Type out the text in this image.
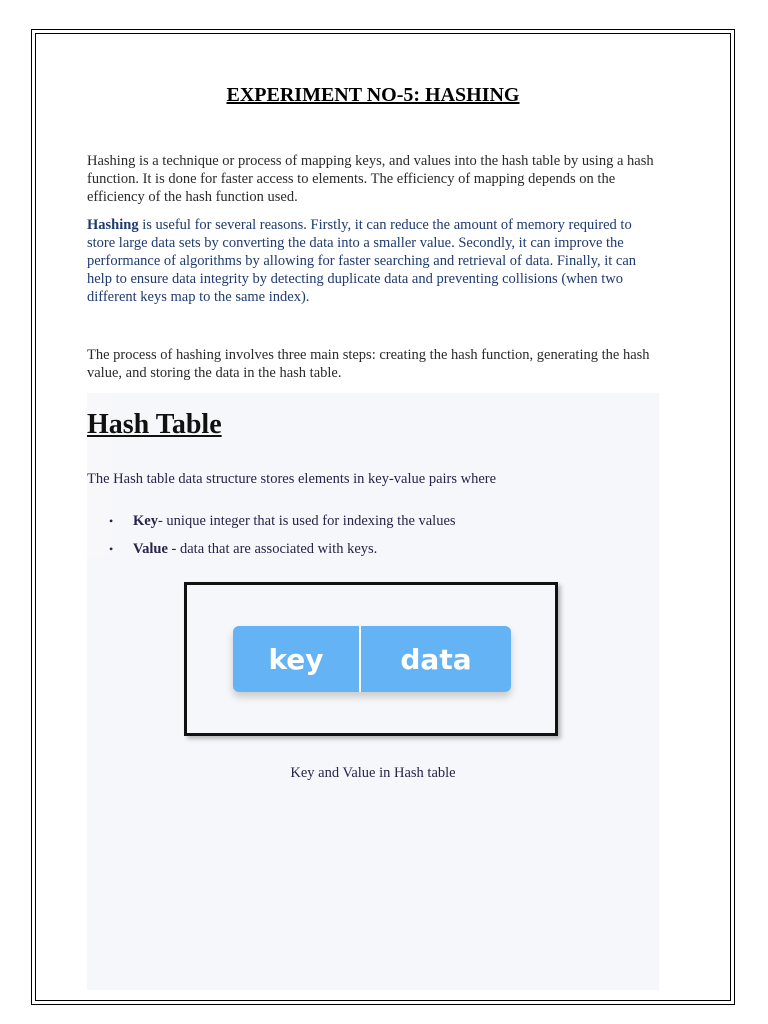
EXPERIMENT NO-5: HASHING
Hashing is a technique or process of mapping keys, and values into the hash table by using a hash function. It is done for faster access to elements. The efficiency of mapping depends on the efficiency of the hash function used.
Hashing is useful for several reasons. Firstly, it can reduce the amount of memory required to store large data sets by converting the data into a smaller value. Secondly, it can improve the performance of algorithms by allowing for faster searching and retrieval of data. Finally, it can help to ensure data integrity by detecting duplicate data and preventing collisions (when two different keys map to the same index).
The process of hashing involves three main steps: creating the hash function, generating the hash value, and storing the data in the hash table.
Hash Table
The Hash table data structure stores elements in key-value pairs where
•	Key- unique integer that is used for indexing the values
•	Value - data that are associated with keys.
key	data
Key and Value in Hash table
